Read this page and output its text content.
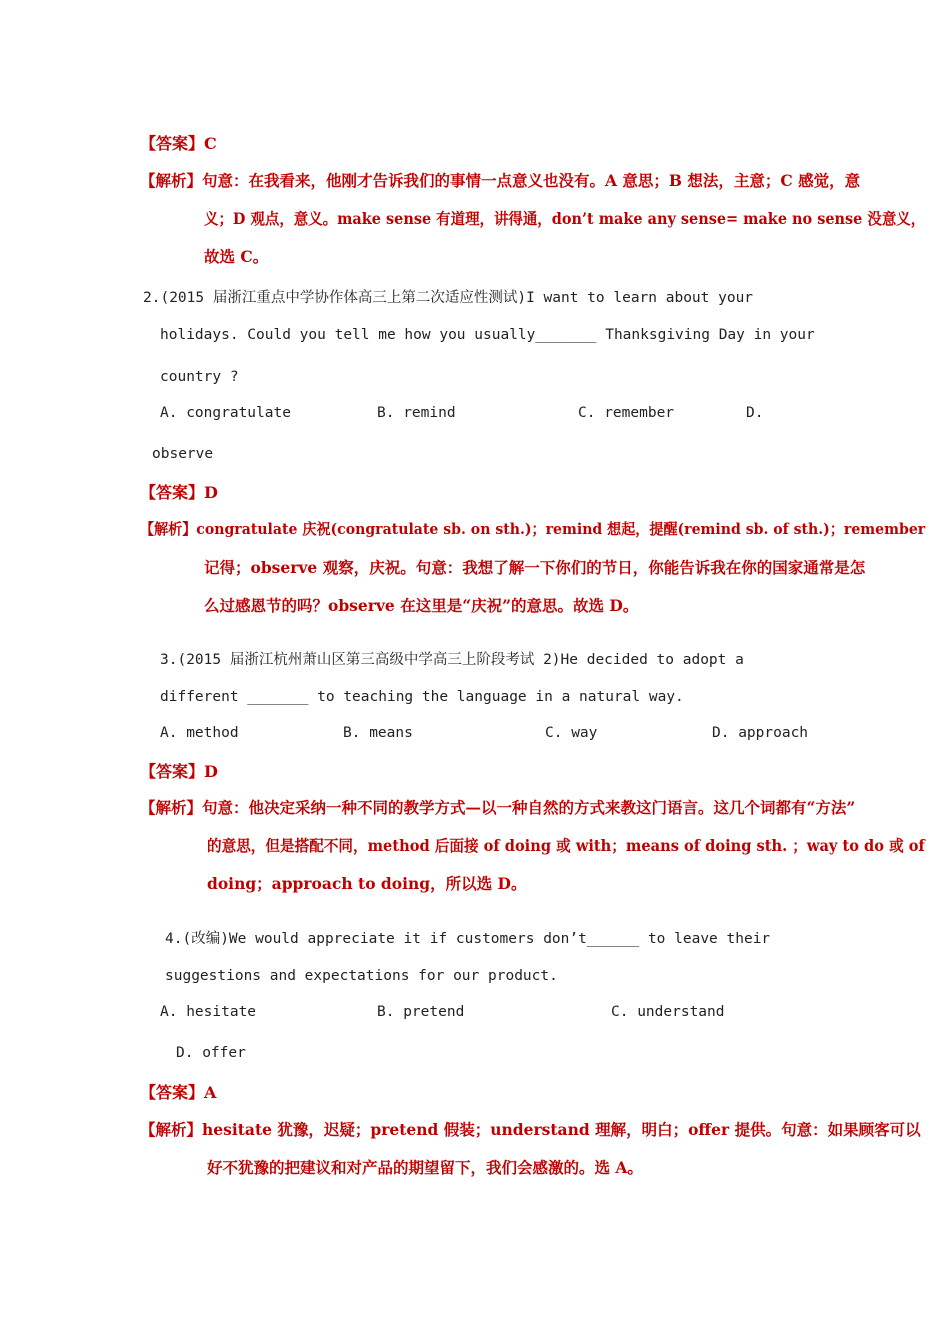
【答案】C
【解析】句意：在我看来，他刚才告诉我们的事情一点意义也没有。A 意思；B 想法，主意；C 感觉，意
义；D 观点，意义。make sense 有道理，讲得通，don’t make any sense= make no sense 没意义，
故选 C。
2.(2015 届浙江重点中学协作体高三上第二次适应性测试)I want to learn about your
holidays. Could you tell me how you usually_______ Thanksgiving Day in your
country ?
A. congratulate	B. remind	C. remember	D.
observe
【答案】D
【解析】congratulate 庆祝(congratulate sb. on sth.)；remind 想起，提醒(remind sb. of sth.)；remember
记得；observe 观察，庆祝。句意：我想了解一下你们的节日，你能告诉我在你的国家通常是怎
么过感恩节的吗？observe 在这里是“庆祝”的意思。故选 D。
3.(2015 届浙江杭州萧山区第三高级中学高三上阶段考试 2)He decided to adopt a
different _______ to teaching the language in a natural way.
A. method	B. means	C. way	D. approach
【答案】D
【解析】句意：他决定采纳一种不同的教学方式—以一种自然的方式来教这门语言。这几个词都有“方法”
的意思，但是搭配不同，method 后面接 of doing 或 with；means of doing sth. ；way to do 或 of
doing；approach to doing，所以选 D。
4.(改编)We would appreciate it if customers don’t______ to leave their
suggestions and expectations for our product.
A. hesitate	B. pretend	C. understand
D. offer
【答案】A
【解析】hesitate 犹豫，迟疑；pretend 假装；understand 理解，明白；offer 提供。句意：如果顾客可以
好不犹豫的把建议和对产品的期望留下，我们会感激的。选 A。
